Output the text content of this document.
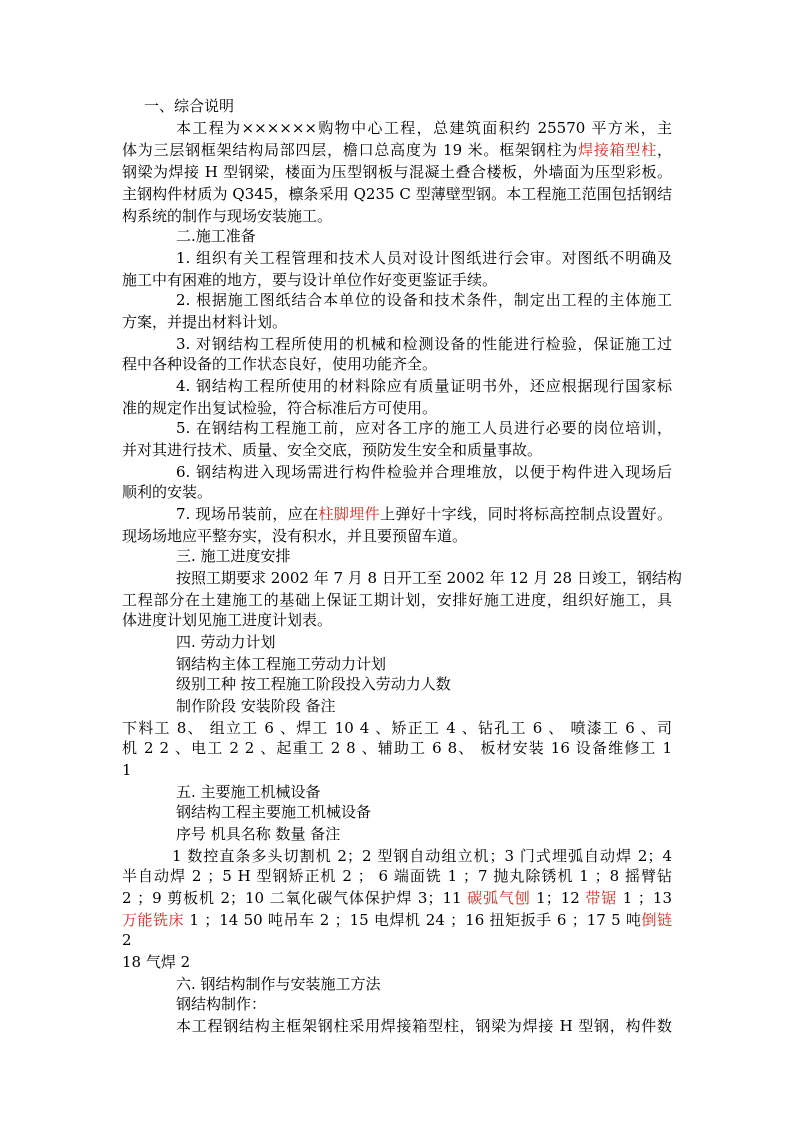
一、综合说明
本工程为××××××购物中心工程，总建筑面积约 25570 平方米，主
体为三层钢框架结构局部四层，檐口总高度为 19 米。框架钢柱为焊接箱型柱，
钢梁为焊接 H 型钢梁，楼面为压型钢板与混凝土叠合楼板，外墙面为压型彩板。
主钢构件材质为 Q345，檩条采用 Q235 C 型薄壁型钢。本工程施工范围包括钢结
构系统的制作与现场安装施工。
二.施工准备
1. 组织有关工程管理和技术人员对设计图纸进行会审。对图纸不明确及
施工中有困难的地方，要与设计单位作好变更鉴证手续。
2. 根据施工图纸结合本单位的设备和技术条件，制定出工程的主体施工
方案，并提出材料计划。
3. 对钢结构工程所使用的机械和检测设备的性能进行检验，保证施工过
程中各种设备的工作状态良好，使用功能齐全。
4. 钢结构工程所使用的材料除应有质量证明书外，还应根据现行国家标
准的规定作出复试检验，符合标准后方可使用。
5. 在钢结构工程施工前，应对各工序的施工人员进行必要的岗位培训，
并对其进行技术、质量、安全交底，预防发生安全和质量事故。
6. 钢结构进入现场需进行构件检验并合理堆放，以便于构件进入现场后
顺利的安装。
7. 现场吊装前，应在柱脚埋件上弹好十字线，同时将标高控制点设置好。
现场场地应平整夯实，没有积水，并且要预留车道。
三. 施工进度安排
按照工期要求 2002 年 7 月 8 日开工至 2002 年 12 月 28 日竣工，钢结构
工程部分在土建施工的基础上保证工期计划，安排好施工进度，组织好施工，具
体进度计划见施工进度计划表。
四. 劳动力计划
钢结构主体工程施工劳动力计划
级别工种 按工程施工阶段投入劳动力人数
制作阶段 安装阶段 备注
下料工 8、 组立工 6 、焊工 10 4 、矫正工 4 、钻孔工 6 、 喷漆工 6 、司
机 2 2 、电工 2 2 、起重工 2 8 、辅助工 6 8、 板材安装 16 设备维修工 1
1
五. 主要施工机械设备
钢结构工程主要施工机械设备
序号 机具名称 数量 备注
1 数控直条多头切割机 2；2 型钢自动组立机；3 门式埋弧自动焊 2；4
半自动焊 2 ；5 H 型钢矫正机 2 ； 6 端面铣 1 ；7 抛丸除锈机 1 ；8 摇臂钻
2 ；9 剪板机 2；10 二氧化碳气体保护焊 3；11 碳弧气刨 1；12 带锯 1 ；13
万能铣床 1 ；14 50 吨吊车 2 ；15 电焊机 24 ；16 扭矩扳手 6 ；17 5 吨倒链
2
18 气焊 2
六. 钢结构制作与安装施工方法
钢结构制作：
本工程钢结构主框架钢柱采用焊接箱型柱，钢梁为焊接 H 型钢，构件数
